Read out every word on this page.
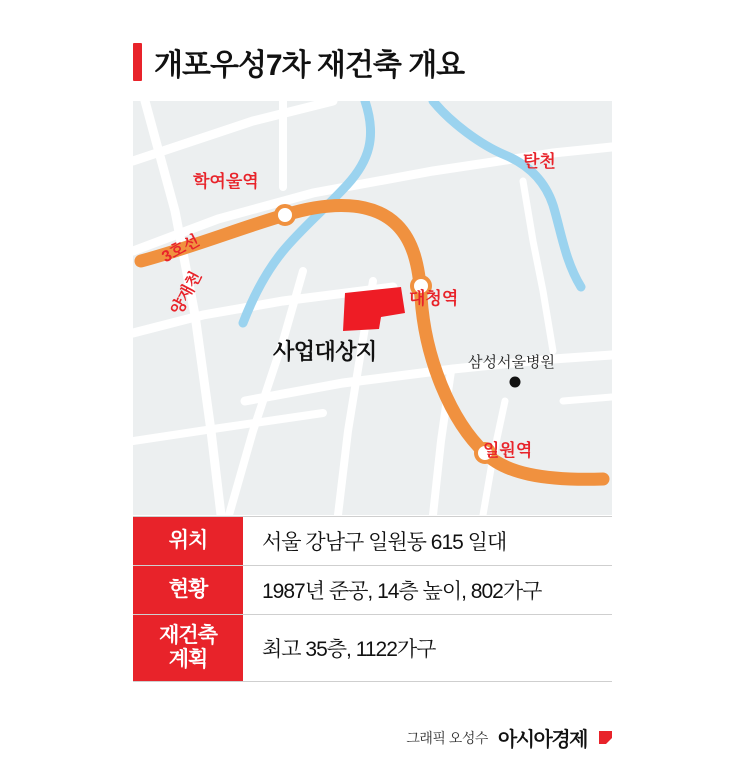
개포우성7차 재건축 개요
탄천
학여울역
3호선
양재천	대청역
일원역
사업대상지	삼성서울병원
위치	서울 강남구 일원동 615 일대
현황	1987년 준공, 14층 높이, 802가구
재건축
계획	최고 35층, 1122가구
그래픽 오성수 아시아경제
